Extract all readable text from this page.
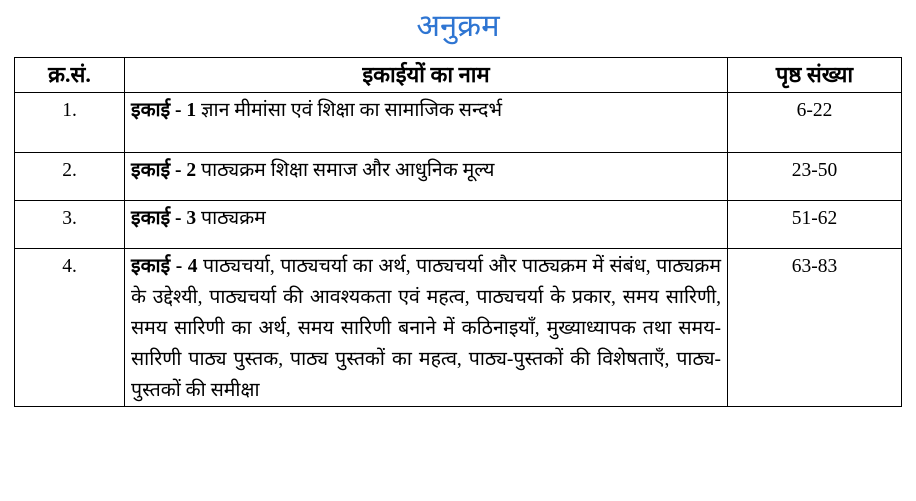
अनुक्रम
क्र.सं.	इकाईयों का नाम	पृष्ठ संख्या
1.	इकाई - 1 ज्ञान मीमांसा एवं शिक्षा का सामाजिक सन्दर्भ	6-22
2.	इकाई - 2 पाठ्यक्रम शिक्षा समाज और आधुनिक मूल्य	23-50
3.	इकाई - 3 पाठ्यक्रम	51-62
4.	इकाई - 4 पाठ्यचर्या, पाठ्यचर्या का अर्थ, पाठ्यचर्या और पाठ्यक्रम में संबंध, पाठ्यक्रम के उद्देश्यी, पाठ्यचर्या की आवश्यकता एवं महत्व, पाठ्यचर्या के प्रकार, समय सारिणी, समय सारिणी का अर्थ, समय सारिणी बनाने में कठिनाइयाँ, मुख्याध्यापक तथा समय-सारिणी पाठ्य पुस्तक, पाठ्य पुस्तकों का महत्व, पाठ्य-पुस्तकों की विशेषताएँ, पाठ्य-पुस्तकों की समीक्षा	63-83
